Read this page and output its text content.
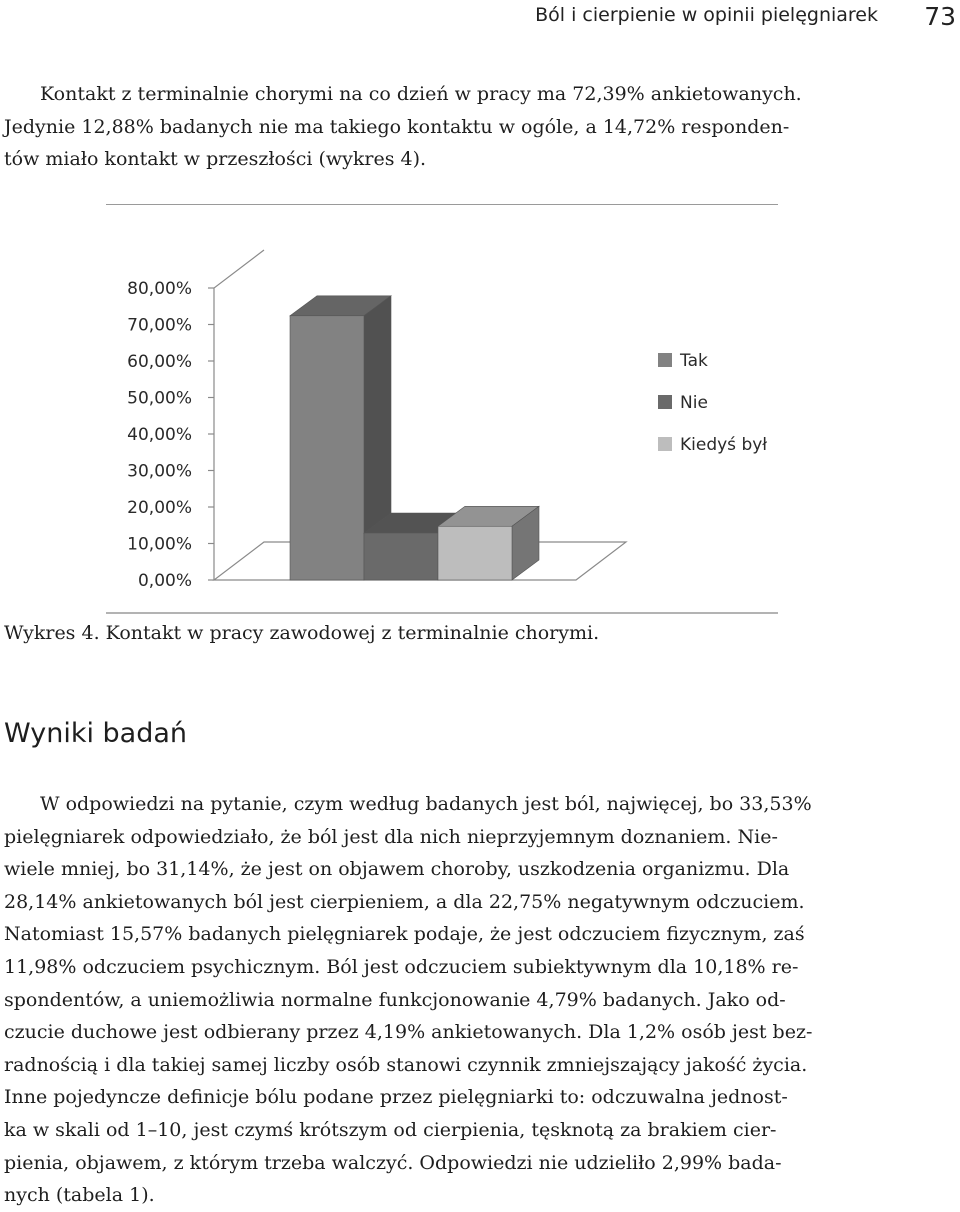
Ból i cierpienie w opinii pielęgniarek 73

Kontakt z terminalnie chorymi na co dzień w pracy ma 72,39% ankietowanych.
Jedynie 12,88% badanych nie ma takiego kontaktu w ogóle, a 14,72% responden-
tów miało kontakt w przeszłości (wykres 4).

0,00%
10,00%
20,00%
30,00%
40,00%
50,00%
60,00%
70,00%
80,00%
Tak
Nie
Kiedyś był
Wykres 4. Kontakt w pracy zawodowej z terminalnie chorymi.
Wyniki badań

W odpowiedzi na pytanie, czym według badanych jest ból, najwięcej, bo 33,53%
pielęgniarek odpowiedziało, że ból jest dla nich nieprzyjemnym doznaniem. Nie-
wiele mniej, bo 31,14%, że jest on objawem choroby, uszkodzenia organizmu. Dla
28,14% ankietowanych ból jest cierpieniem, a dla 22,75% negatywnym odczuciem.
Natomiast 15,57% badanych pielęgniarek podaje, że jest odczuciem fizycznym, zaś
11,98% odczuciem psychicznym. Ból jest odczuciem subiektywnym dla 10,18% re-
spondentów, a uniemożliwia normalne funkcjonowanie 4,79% badanych. Jako od-
czucie duchowe jest odbierany przez 4,19% ankietowanych. Dla 1,2% osób jest bez-
radnością i dla takiej samej liczby osób stanowi czynnik zmniejszający jakość życia.
Inne pojedyncze definicje bólu podane przez pielęgniarki to: odczuwalna jednost-
ka w skali od 1–10, jest czymś krótszym od cierpienia, tęsknotą za brakiem cier-
pienia, objawem, z którym trzeba walczyć. Odpowiedzi nie udzieliło 2,99% bada-
nych (tabela 1).
